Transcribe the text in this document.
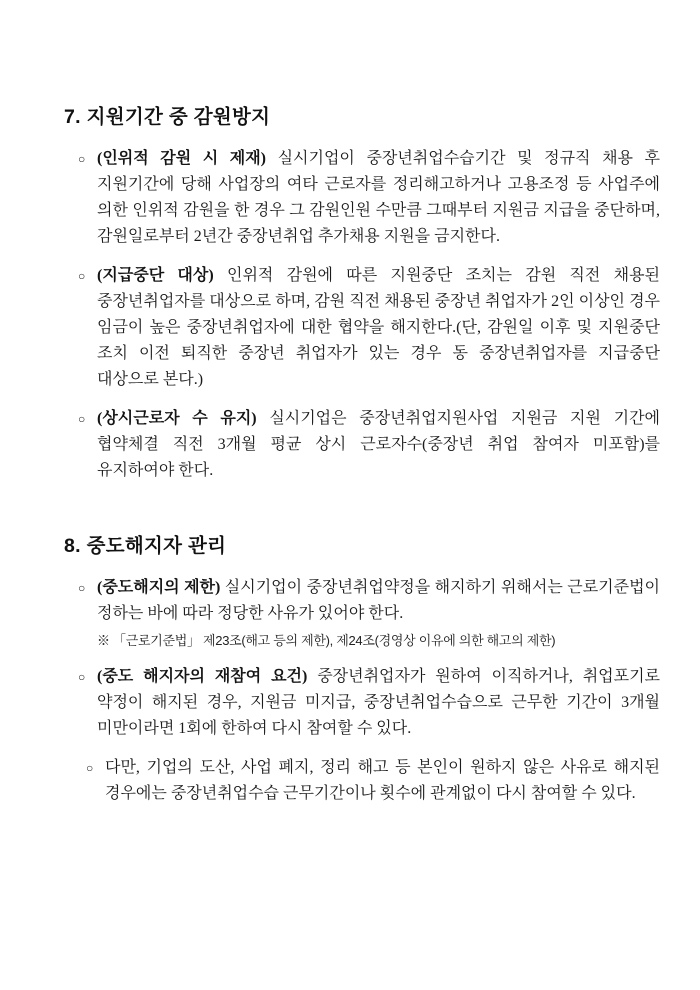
7. 지원기간 중 감원방지
○ (인위적 감원 시 제재) 실시기업이 중장년취업수습기간 및 정규직 채용 후 지원기간에 당해 사업장의 여타 근로자를 정리해고하거나 고용조정 등 사업주에 의한 인위적 감원을 한 경우 그 감원인원 수만큼 그때부터 지원금 지급을 중단하며, 감원일로부터 2년간 중장년취업 추가채용 지원을 금지한다.

○ (지급중단 대상) 인위적 감원에 따른 지원중단 조치는 감원 직전 채용된 중장년취업자를 대상으로 하며, 감원 직전 채용된 중장년 취업자가 2인 이상인 경우 임금이 높은 중장년취업자에 대한 협약을 해지한다.(단, 감원일 이후 및 지원중단 조치 이전 퇴직한 중장년 취업자가 있는 경우 동 중장년취업자를 지급중단 대상으로 본다.)

○ (상시근로자 수 유지) 실시기업은 중장년취업지원사업 지원금 지원 기간에 협약체결 직전 3개월 평균 상시 근로자수(중장년 취업 참여자 미포함)를 유지하여야 한다.

8. 중도해지자 관리
○ (중도해지의 제한) 실시기업이 중장년취업약정을 해지하기 위해서는 근로기준법이 정하는 바에 따라 정당한 사유가 있어야 한다.

※ 「근로기준법」 제23조(해고 등의 제한), 제24조(경영상 이유에 의한 해고의 제한)

○ (중도 해지자의 재참여 요건) 중장년취업자가 원하여 이직하거나, 취업포기로 약정이 해지된 경우, 지원금 미지급, 중장년취업수습으로 근무한 기간이 3개월 미만이라면 1회에 한하여 다시 참여할 수 있다.

○ 다만, 기업의 도산, 사업 폐지, 정리 해고 등 본인이 원하지 않은 사유로 해지된 경우에는 중장년취업수습 근무기간이나 횟수에 관계없이 다시 참여할 수 있다.
